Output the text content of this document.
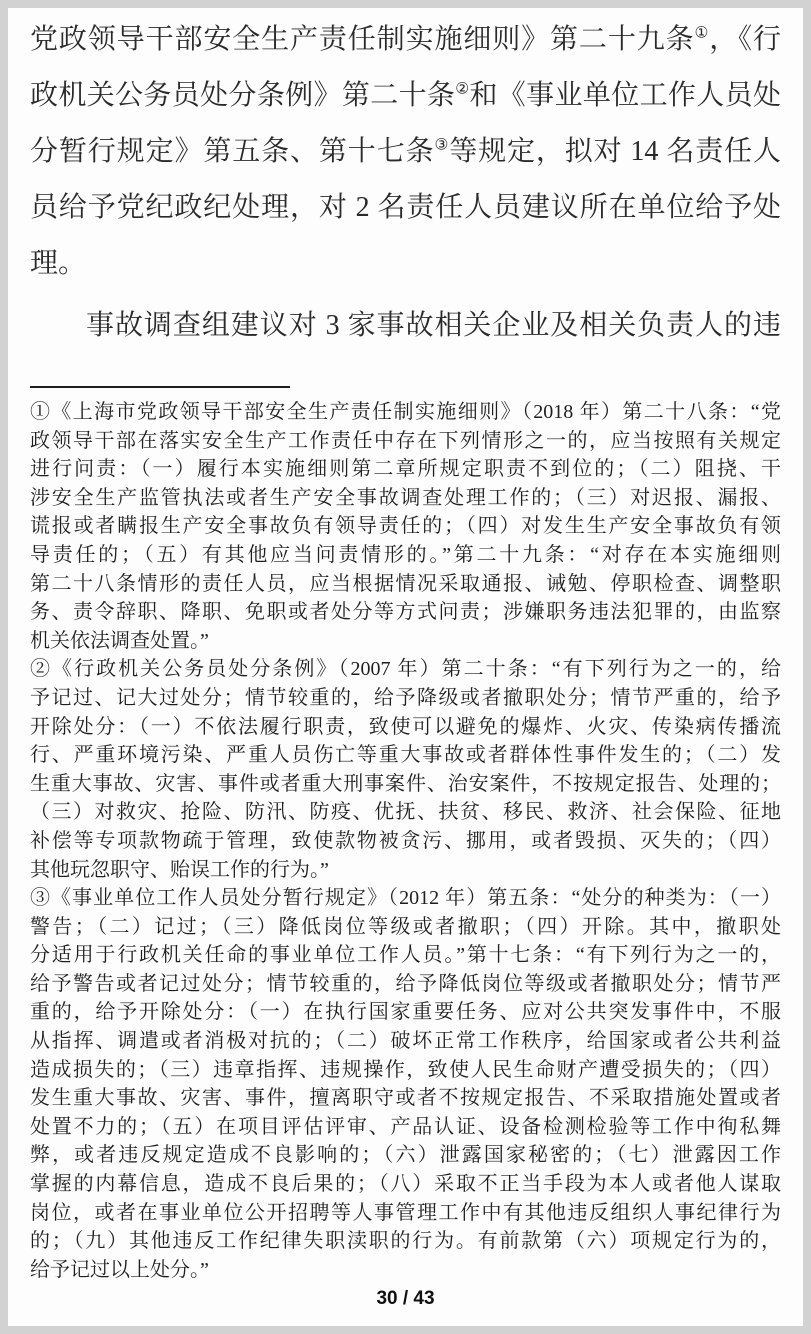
党政领导干部安全生产责任制实施细则》第二十九条①，《行
政机关公务员处分条例》第二十条②和《事业单位工作人员处
分暂行规定》第五条、第十七条③等规定，拟对 14 名责任人
员给予党纪政纪处理，对 2 名责任人员建议所在单位给予处
理。
事故调查组建议对 3 家事故相关企业及相关负责人的违
①《上海市党政领导干部安全生产责任制实施细则》（2018 年）第二十八条：“党
政领导干部在落实安全生产工作责任中存在下列情形之一的，应当按照有关规定
进行问责：（一）履行本实施细则第二章所规定职责不到位的；（二）阻挠、干
涉安全生产监管执法或者生产安全事故调查处理工作的；（三）对迟报、漏报、
谎报或者瞒报生产安全事故负有领导责任的；（四）对发生生产安全事故负有领
导责任的；（五）有其他应当问责情形的。”第二十九条：“对存在本实施细则
第二十八条情形的责任人员，应当根据情况采取通报、诫勉、停职检查、调整职
务、责令辞职、降职、免职或者处分等方式问责；涉嫌职务违法犯罪的，由监察
机关依法调查处置。”
②《行政机关公务员处分条例》（2007 年）第二十条：“有下列行为之一的，给
予记过、记大过处分；情节较重的，给予降级或者撤职处分；情节严重的，给予
开除处分：（一）不依法履行职责，致使可以避免的爆炸、火灾、传染病传播流
行、严重环境污染、严重人员伤亡等重大事故或者群体性事件发生的；（二）发
生重大事故、灾害、事件或者重大刑事案件、治安案件，不按规定报告、处理的；
（三）对救灾、抢险、防汛、防疫、优抚、扶贫、移民、救济、社会保险、征地
补偿等专项款物疏于管理，致使款物被贪污、挪用，或者毁损、灭失的；（四）
其他玩忽职守、贻误工作的行为。”
③《事业单位工作人员处分暂行规定》（2012 年）第五条：“处分的种类为：（一）
警告；（二）记过；（三）降低岗位等级或者撤职；（四）开除。其中，撤职处
分适用于行政机关任命的事业单位工作人员。”第十七条：“有下列行为之一的，
给予警告或者记过处分；情节较重的，给予降低岗位等级或者撤职处分；情节严
重的，给予开除处分：（一）在执行国家重要任务、应对公共突发事件中，不服
从指挥、调遣或者消极对抗的；（二）破坏正常工作秩序，给国家或者公共利益
造成损失的；（三）违章指挥、违规操作，致使人民生命财产遭受损失的；（四）
发生重大事故、灾害、事件，擅离职守或者不按规定报告、不采取措施处置或者
处置不力的；（五）在项目评估评审、产品认证、设备检测检验等工作中徇私舞
弊，或者违反规定造成不良影响的；（六）泄露国家秘密的；（七）泄露因工作
掌握的内幕信息，造成不良后果的；（八）采取不正当手段为本人或者他人谋取
岗位，或者在事业单位公开招聘等人事管理工作中有其他违反组织人事纪律行为
的；（九）其他违反工作纪律失职渎职的行为。有前款第（六）项规定行为的，
给予记过以上处分。”
30 / 43
